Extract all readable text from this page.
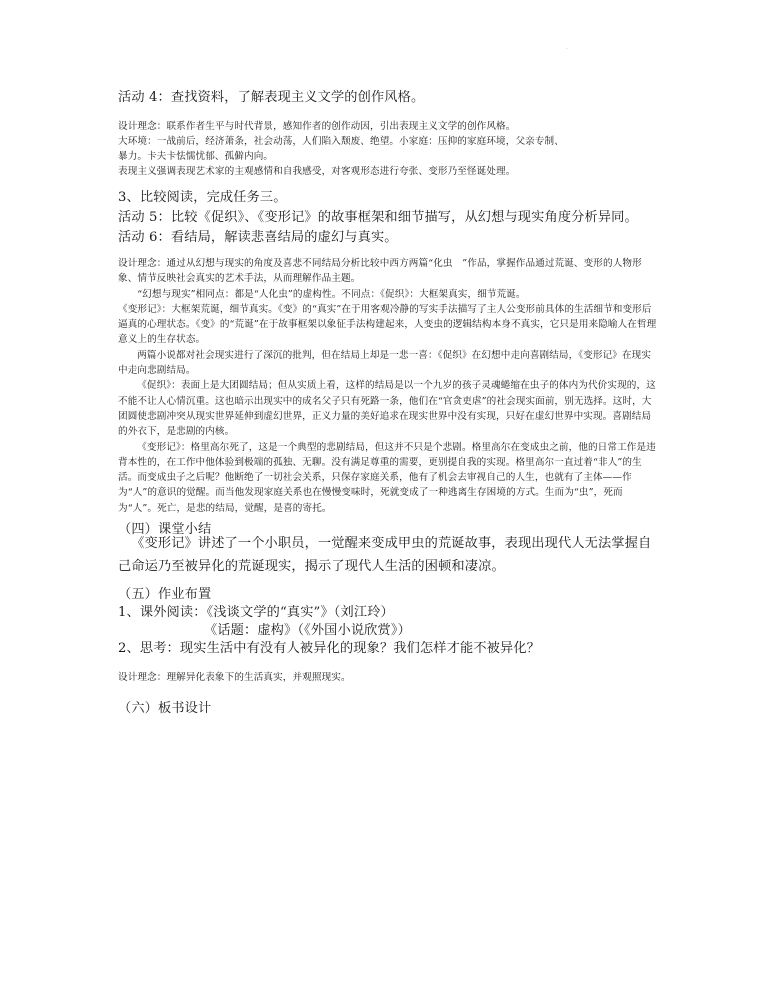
.
活动 4：查找资料，了解表现主义文学的创作风格。
设计理念：联系作者生平与时代背景，感知作者的创作动因，引出表现主义文学的创作风格。
大环境：一战前后，经济萧条，社会动荡，人们陷入颓废、绝望。小家庭：压抑的家庭环境，父亲专制、
暴力。卡夫卡怯懦忧郁、孤僻内向。
表现主义强调表现艺术家的主观感情和自我感受，对客观形态进行夸张、变形乃至怪诞处理。
3、比较阅读，完成任务三。
活动 5：比较《促织》、《变形记》的故事框架和细节描写，从幻想与现实角度分析异同。
活动 6：看结局，解读悲喜结局的虚幻与真实。

设计理念：通过从幻想与现实的角度及喜悲不同结局分析比较中西方两篇“化虫　”作品，掌握作品通过荒诞、变形的人物形象、情节反映社会真实的艺术手法，从而理解作品主题。

“幻想与现实”相同点：都是“人化虫”的虚构性。不同点：《促织》：大框架真实，细节荒诞。

《变形记》：大框架荒诞，细节真实。《变》的“真实”在于用客观冷静的写实手法描写了主人公变形前具体的生活细节和变形后逼真的心理状态。《变》的“荒诞”在于故事框架以象征手法构建起来，人变虫的逻辑结构本身不真实，它只是用来隐喻人在哲理意义上的生存状态。

两篇小说都对社会现实进行了深沉的批判，但在结局上却是一悲一喜：《促织》在幻想中走向喜剧结局，《变形记》在现实中走向悲剧结局。

《促织》：表面上是大团圆结局；但从实质上看，这样的结局是以一个九岁的孩子灵魂蜷缩在虫子的体内为代价实现的，这不能不让人心情沉重。这也暗示出现实中的成名父子只有死路一条，他们在“官贪吏虐”的社会现实面前，别无选择。这时，大团圆使悲剧冲突从现实世界延伸到虚幻世界，正义力量的美好追求在现实世界中没有实现，只好在虚幻世界中实现。喜剧结局的外衣下，是悲剧的内核。

《变形记》：格里高尔死了，这是一个典型的悲剧结局，但这并不只是个悲剧。格里高尔在变成虫之前，他的日常工作是违背本性的，在工作中他体验到极端的孤独、无聊。没有满足尊重的需要，更别提自我的实现。格里高尔一直过着“非人”的生活。而变成虫子之后呢？他断绝了一切社会关系，只保存家庭关系，他有了机会去审视自己的人生，也就有了主体——作为“人”的意识的觉醒。而当他发现家庭关系也在慢慢变味时，死就变成了一种逃离生存困境的方式。生而为“虫”，死而为“人”。死亡，是悲的结局，觉醒，是喜的寄托。

（四）课堂小结

《变形记》讲述了一个小职员，一觉醒来变成甲虫的荒诞故事，表现出现代人无法掌握自己命运乃至被异化的荒诞现实，揭示了现代人生活的困顿和凄凉。

（五）作业布置
1、课外阅读：《浅谈文学的“真实”》（刘江玲）
《话题：虚构》（《外国小说欣赏》）
2、思考：现实生活中有没有人被异化的现象？我们怎样才能不被异化？
设计理念：理解异化表象下的生活真实，并观照现实。
（六）板书设计
